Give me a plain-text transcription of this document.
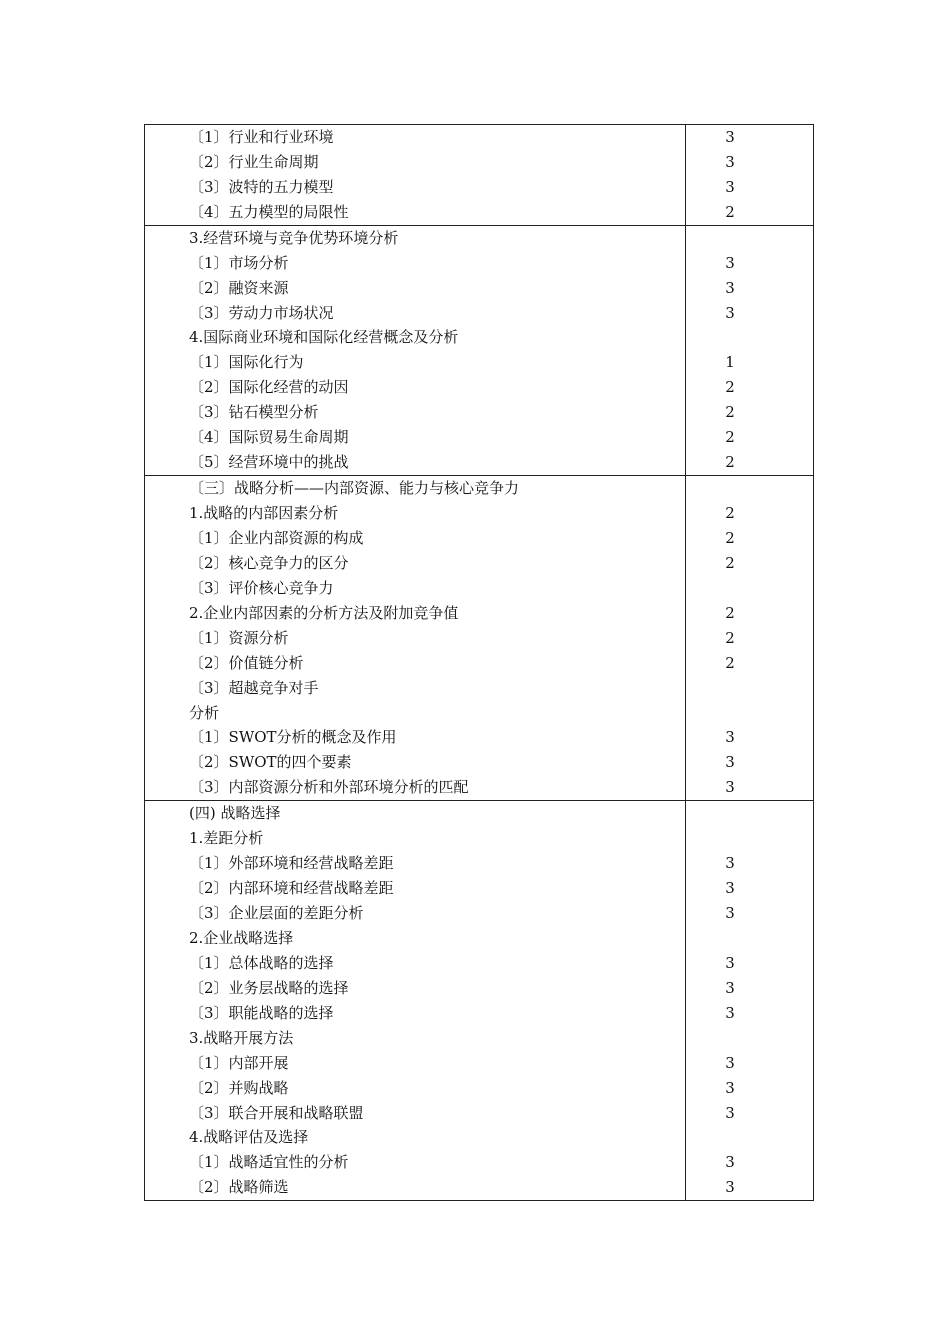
〔1〕行业和行业环境	3
〔2〕行业生命周期	3
〔3〕波特的五力模型	3
〔4〕五力模型的局限性	2
3.经营环境与竞争优势环境分析
〔1〕市场分析	3
〔2〕融资来源	3
〔3〕劳动力市场状况	3
4.国际商业环境和国际化经营概念及分析
〔1〕国际化行为	1
〔2〕国际化经营的动因	2
〔3〕钻石模型分析	2
〔4〕国际贸易生命周期	2
〔5〕经营环境中的挑战	2
〔三〕战略分析——内部资源、能力与核心竞争力
1.战略的内部因素分析	2
〔1〕企业内部资源的构成	2
〔2〕核心竞争力的区分	2
〔3〕评价核心竞争力
2.企业内部因素的分析方法及附加竞争值	2
〔1〕资源分析	2
〔2〕价值链分析	2
〔3〕超越竞争对手
分析
〔1〕SWOT分析的概念及作用	3
〔2〕SWOT的四个要素	3
〔3〕内部资源分析和外部环境分析的匹配	3
(四) 战略选择
1.差距分析
〔1〕外部环境和经营战略差距	3
〔2〕内部环境和经营战略差距	3
〔3〕企业层面的差距分析	3
2.企业战略选择
〔1〕总体战略的选择	3
〔2〕业务层战略的选择	3
〔3〕职能战略的选择	3
3.战略开展方法
〔1〕内部开展	3
〔2〕并购战略	3
〔3〕联合开展和战略联盟	3
4.战略评估及选择
〔1〕战略适宜性的分析	3
〔2〕战略筛选	3
